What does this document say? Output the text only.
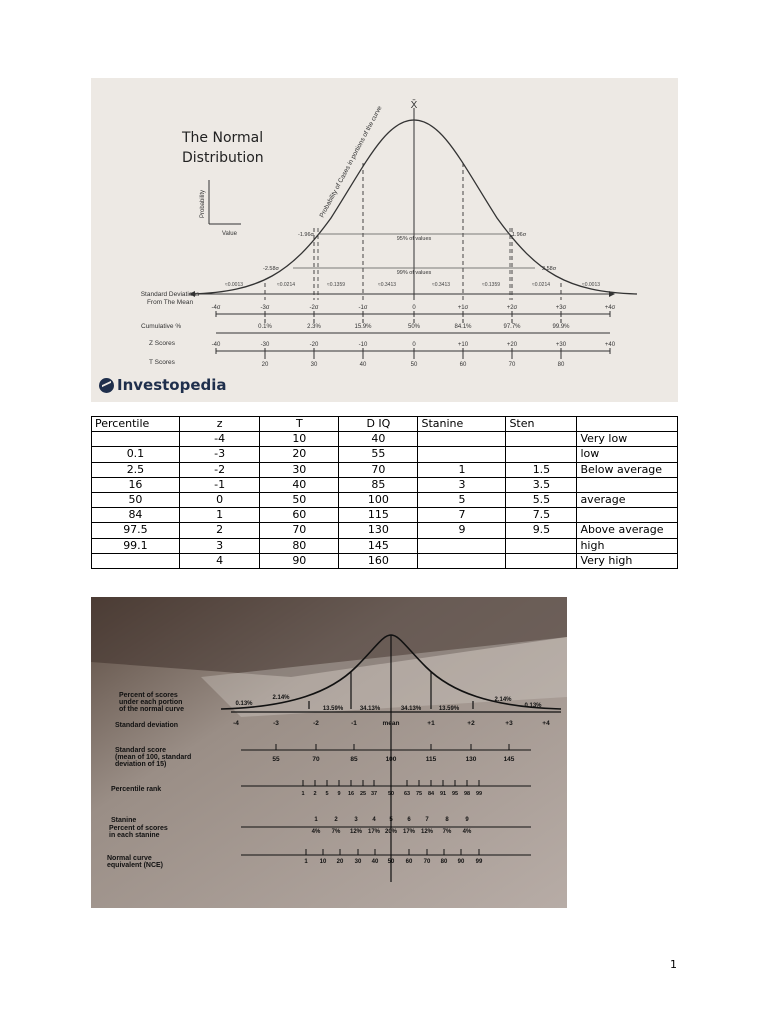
X̄
-1.96σ	1.96σ
95% of values
-2.58σ	2.58σ
99% of values
Probability of Cases in portions of the curve
Probability
Value
≈0.0013	≈0.0214	≈0.1359	≈0.3413	≈0.3413	≈0.1359	≈0.0214	≈0.0013
-4σ	-3σ	-2σ	-1σ	0	+1σ	+2σ	+3σ	+4σ
0.1%	2.3%	15.9%	50%	84.1%	97.7%	99.9%
-40	-30	-20	-10	0	+10	+20	+30	+40
20	30	40	50	60	70	80
Standard Deviations
From The Mean
Cumulative %
Z Scores
T Scores
The Normal
Distribution
Investopedia
Percentile	z	T	D IQ	Stanine	Sten	
	-4	10	40			Very low
0.1	-3	20	55			low
2.5	-2	30	70	1	1.5	Below average
16	-1	40	85	3	3.5	
50	0	50	100	5	5.5	average
84	1	60	115	7	7.5	
97.5	2	70	130	9	9.5	Above average
99.1	3	80	145			high
	4	90	160			Very high
0.13%
2.14%
13.59%	34.13%	34.13%	13.59%
2.14%
0.13%
-4	-3	-2	-1	mean	+1	+2	+3	+4
55	70	85	100	115	130	145
1 2 5 9 16 25 37 50 63 75 84 91 95 98 99
1	2	3 4 5 6 7	8	9
4% 7% 12% 17% 20% 17% 12% 7% 4%
1 10 20 30 40 50 60 70 80 90 99
Percent of scores
under each portion
of the normal curve
Standard deviation
Standard score
(mean of 100, standard
deviation of 15)
Percentile rank
Stanine
Percent of scores
in each stanine
Normal curve
equivalent (NCE)
1
